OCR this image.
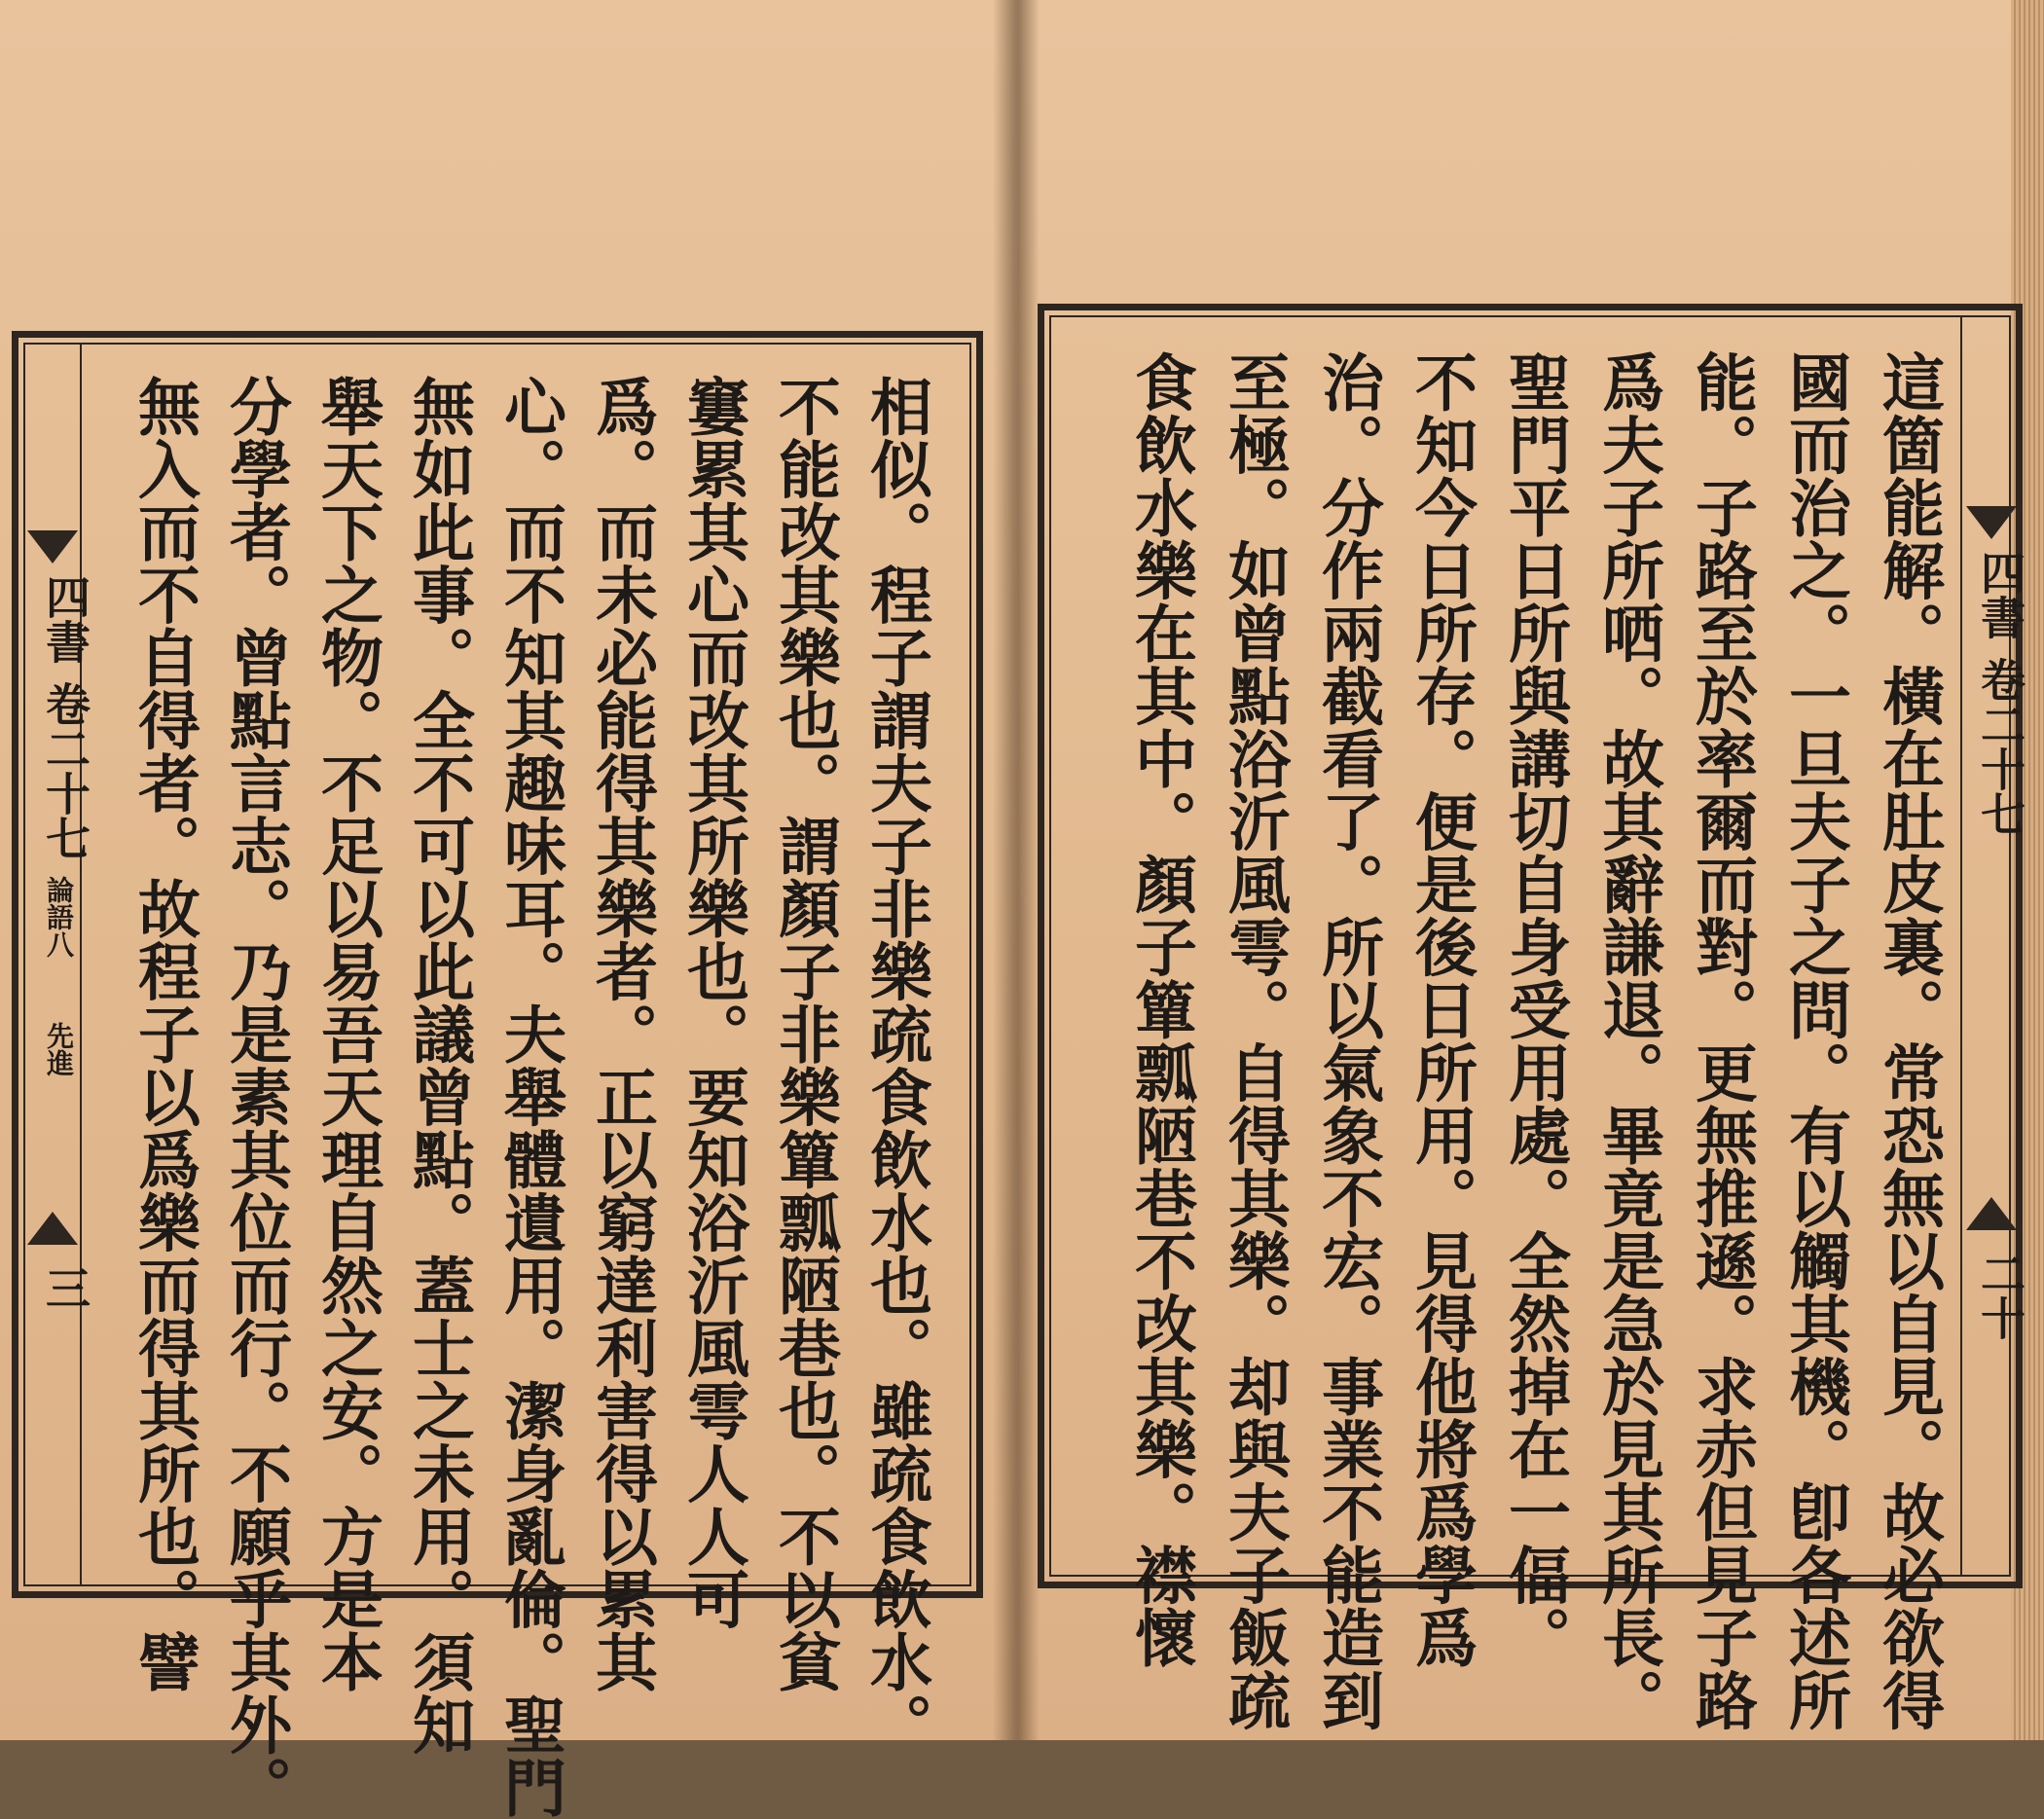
四書
卷二十七
論語八
先進
三	相似。程子謂夫子非樂疏食飲水也。雖疏食飲水。
不能改其樂也。謂顏子非樂簞瓢陋巷也。不以貧
窶累其心而改其所樂也。要知浴沂風雩人人可
爲。而未必能得其樂者。正以窮達利害得以累其
心。而不知其趣味耳。夫舉體遺用。潔身亂倫。聖門
無如此事。全不可以此議曾點。蓋士之未用。須知
舉天下之物。不足以易吾天理自然之安。方是本
分學者。曾點言志。乃是素其位而行。不願乎其外。
無入而不自得者。故程子以爲樂而得其所也。譬	四書
卷二十七
二十
這箇能解。橫在肚皮裏。常恐無以自見。故必欲得
國而治之。一旦夫子之問。有以觸其機。卽各述所
能。子路至於率爾而對。更無推遜。求赤但見子路
爲夫子所哂。故其辭謙退。畢竟是急於見其所長。
聖門平日所與講切自身受用處。全然掉在一偪。
不知今日所存。便是後日所用。見得他將爲學爲
治。分作兩截看了。所以氣象不宏。事業不能造到
至極。如曾點浴沂風雩。自得其樂。却與夫子飯疏
食飲水樂在其中。顏子簞瓢陋巷不改其樂。襟懷
